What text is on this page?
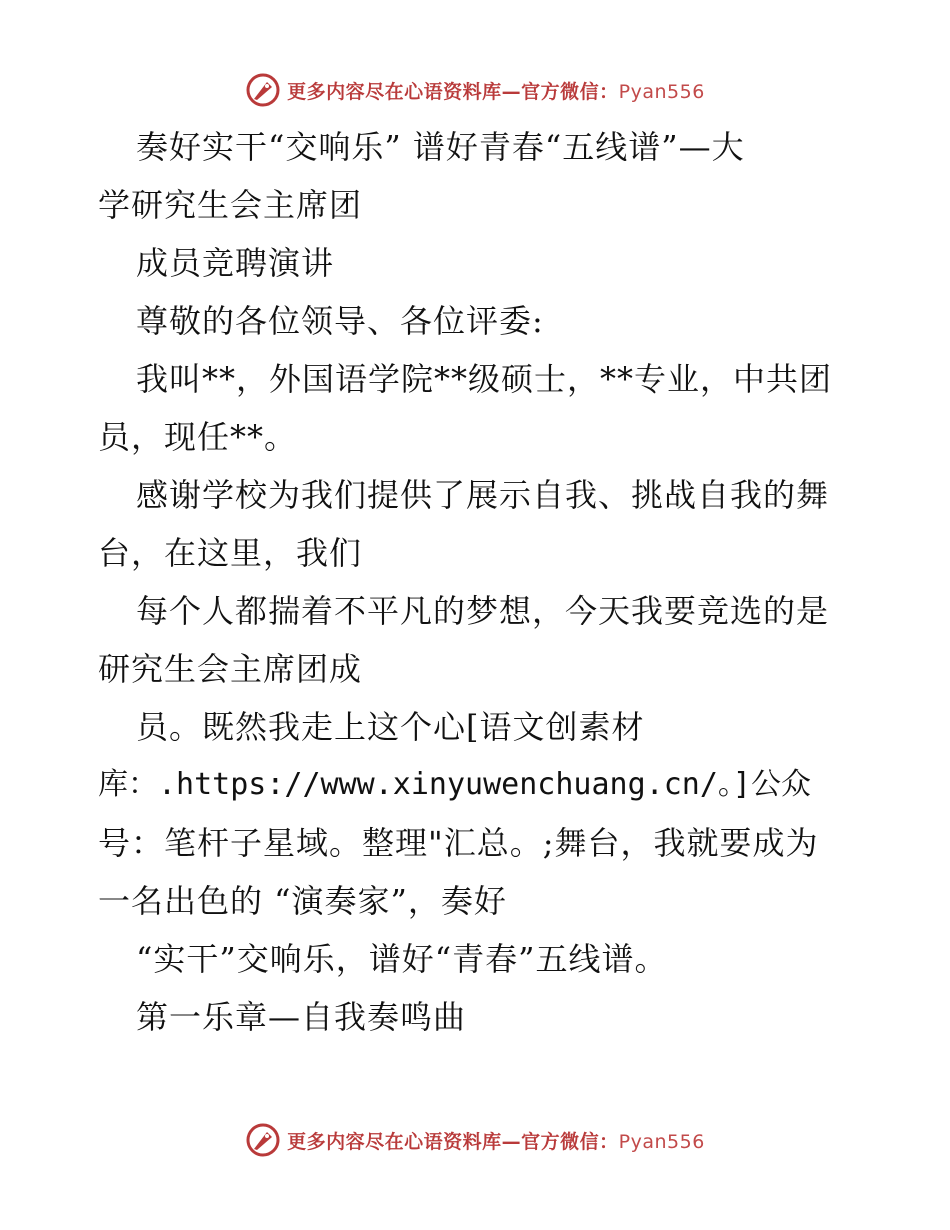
更多内容尽在心语资料库—官方微信：Pyan556
奏好实干“交响乐” 谱好青春“五线谱”—大
学研究生会主席团
成员竞聘演讲
尊敬的各位领导、各位评委:
我叫**，外国语学院**级硕士，**专业，中共团
员，现任**。
感谢学校为我们提供了展示自我、挑战自我的舞
台，在这里，我们
每个人都揣着不平凡的梦想，今天我要竞选的是
研究生会主席团成
员。既然我走上这个心[语文创素材
库：.https://www.xinyuwenchuang.cn/。]公众
号：笔杆子星域。整理"汇总。;舞台，我就要成为
一名出色的 “演奏家”，奏好
“实干”交响乐，谱好“青春”五线谱。
第一乐章—自我奏鸣曲
更多内容尽在心语资料库—官方微信：Pyan556
